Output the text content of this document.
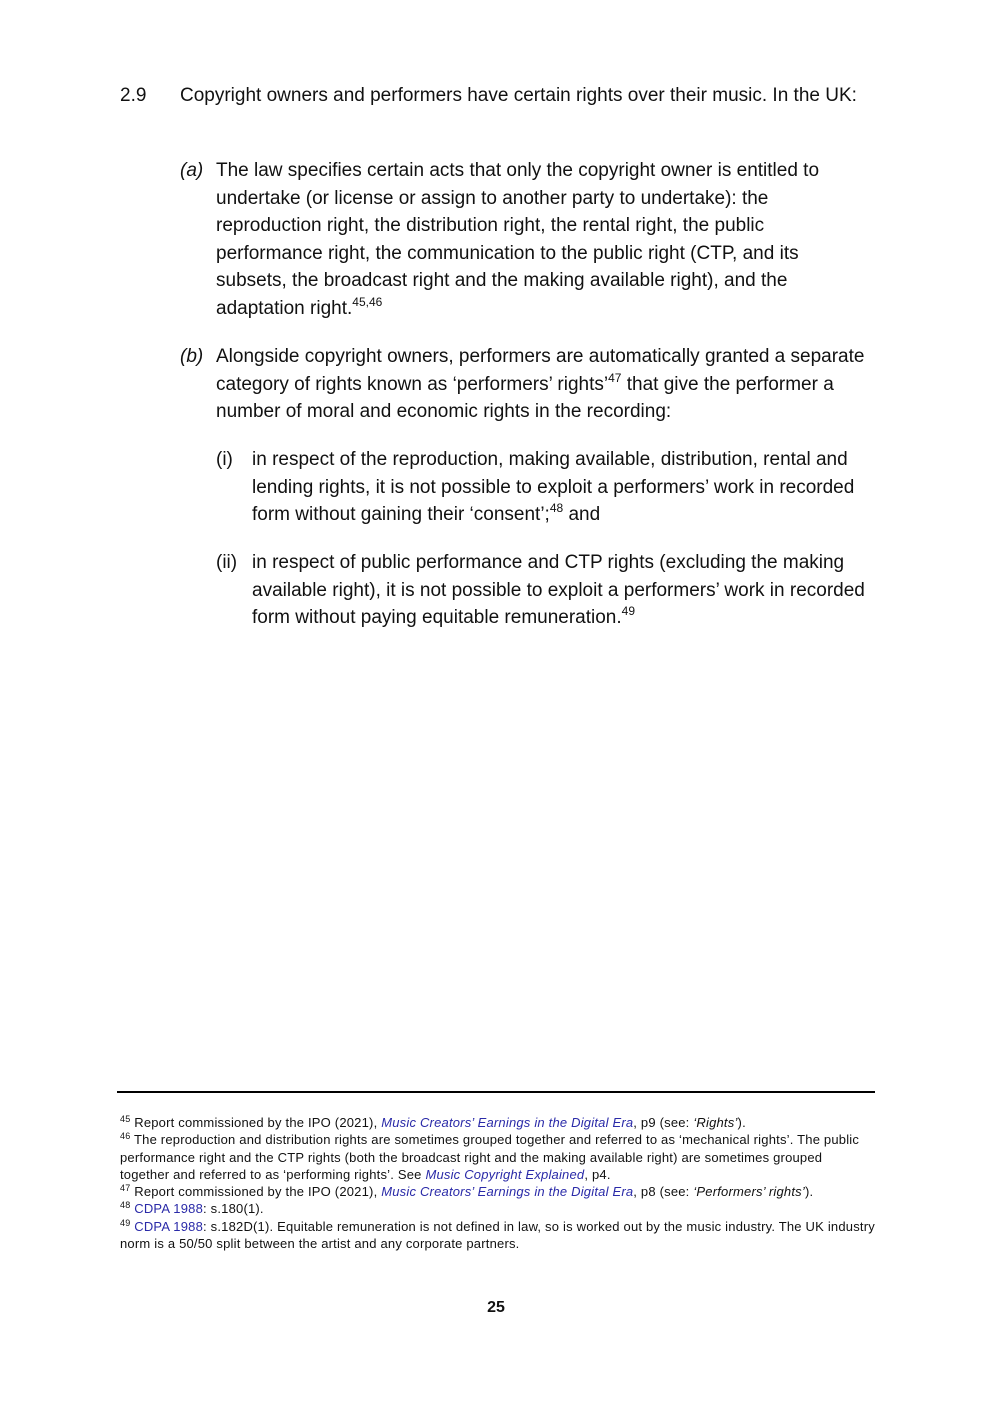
2.9 Copyright owners and performers have certain rights over their music. In the UK:
(a) The law specifies certain acts that only the copyright owner is entitled to undertake (or license or assign to another party to undertake): the reproduction right, the distribution right, the rental right, the public performance right, the communication to the public right (CTP, and its subsets, the broadcast right and the making available right), and the adaptation right.$^{45,46}$
(b) Alongside copyright owners, performers are automatically granted a separate category of rights known as ‘performers’ rights’$^{47}$ that give the performer a number of moral and economic rights in the recording:
(i) in respect of the reproduction, making available, distribution, rental and lending rights, it is not possible to exploit a performers’ work in recorded form without gaining their ‘consent’;$^{48}$ and
(ii) in respect of public performance and CTP rights (excluding the making available right), it is not possible to exploit a performers’ work in recorded form without paying equitable remuneration.$^{49}$
$^{45}$ Report commissioned by the IPO (2021), Music Creators’ Earnings in the Digital Era, p9 (see: ‘Rights’).
$^{46}$ The reproduction and distribution rights are sometimes grouped together and referred to as ‘mechanical rights’. The public performance right and the CTP rights (both the broadcast right and the making available right) are sometimes grouped together and referred to as ‘performing rights’. See Music Copyright Explained, p4.
$^{47}$ Report commissioned by the IPO (2021), Music Creators’ Earnings in the Digital Era, p8 (see: ‘Performers’ rights’).
$^{48}$ CDPA 1988: s.180(1).
$^{49}$ CDPA 1988: s.182D(1). Equitable remuneration is not defined in law, so is worked out by the music industry. The UK industry norm is a 50/50 split between the artist and any corporate partners.
25
